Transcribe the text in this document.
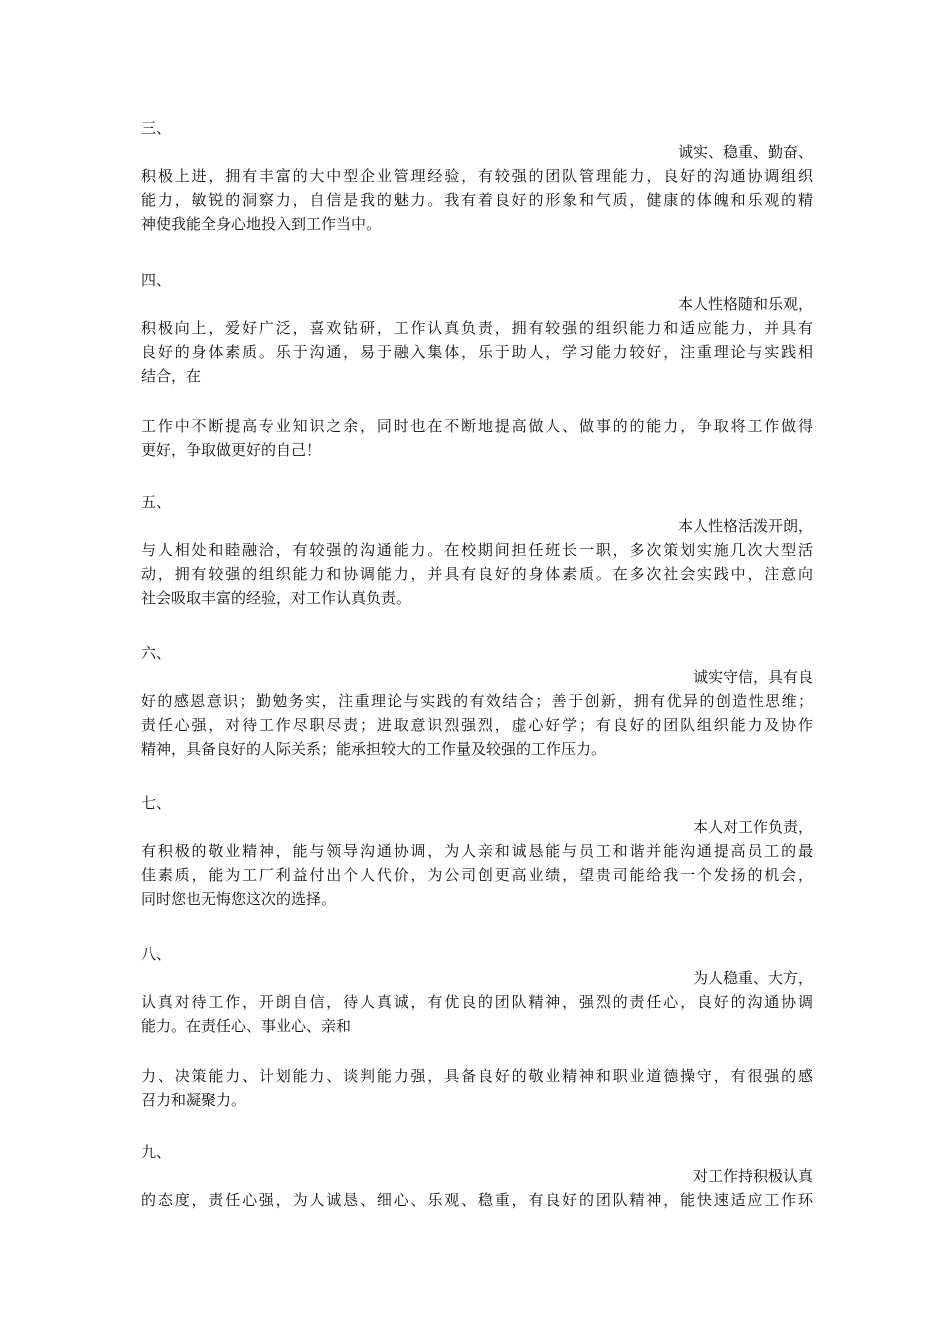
三、
诚实、稳重、勤奋、
积极上进，拥有丰富的大中型企业管理经验，有较强的团队管理能力，良好的沟通协调组织
能力，敏锐的洞察力，自信是我的魅力。我有着良好的形象和气质，健康的体魄和乐观的精
神使我能全身心地投入到工作当中。
四、
本人性格随和乐观，
积极向上，爱好广泛，喜欢钻研，工作认真负责，拥有较强的组织能力和适应能力，并具有
良好的身体素质。乐于沟通，易于融入集体，乐于助人，学习能力较好，注重理论与实践相
结合，在
工作中不断提高专业知识之余，同时也在不断地提高做人、做事的的能力，争取将工作做得
更好，争取做更好的自己！
五、
本人性格活泼开朗，
与人相处和睦融洽，有较强的沟通能力。在校期间担任班长一职，多次策划实施几次大型活
动，拥有较强的组织能力和协调能力，并具有良好的身体素质。在多次社会实践中，注意向
社会吸取丰富的经验，对工作认真负责。
六、
诚实守信，具有良
好的感恩意识；勤勉务实，注重理论与实践的有效结合；善于创新，拥有优异的创造性思维；
责任心强，对待工作尽职尽责；进取意识烈强烈，虚心好学；有良好的团队组织能力及协作
精神，具备良好的人际关系；能承担较大的工作量及较强的工作压力。
七、
本人对工作负责，
有积极的敬业精神，能与领导沟通协调，为人亲和诚恳能与员工和谐并能沟通提高员工的最
佳素质，能为工厂利益付出个人代价，为公司创更高业绩，望贵司能给我一个发扬的机会，
同时您也无悔您这次的选择。
八、
为人稳重、大方，
认真对待工作，开朗自信，待人真诚，有优良的团队精神，强烈的责任心，良好的沟通协调
能力。在责任心、事业心、亲和
力、决策能力、计划能力、谈判能力强，具备良好的敬业精神和职业道德操守，有很强的感
召力和凝聚力。
九、
对工作持积极认真
的态度，责任心强，为人诚恳、细心、乐观、稳重，有良好的团队精神，能快速适应工作环
